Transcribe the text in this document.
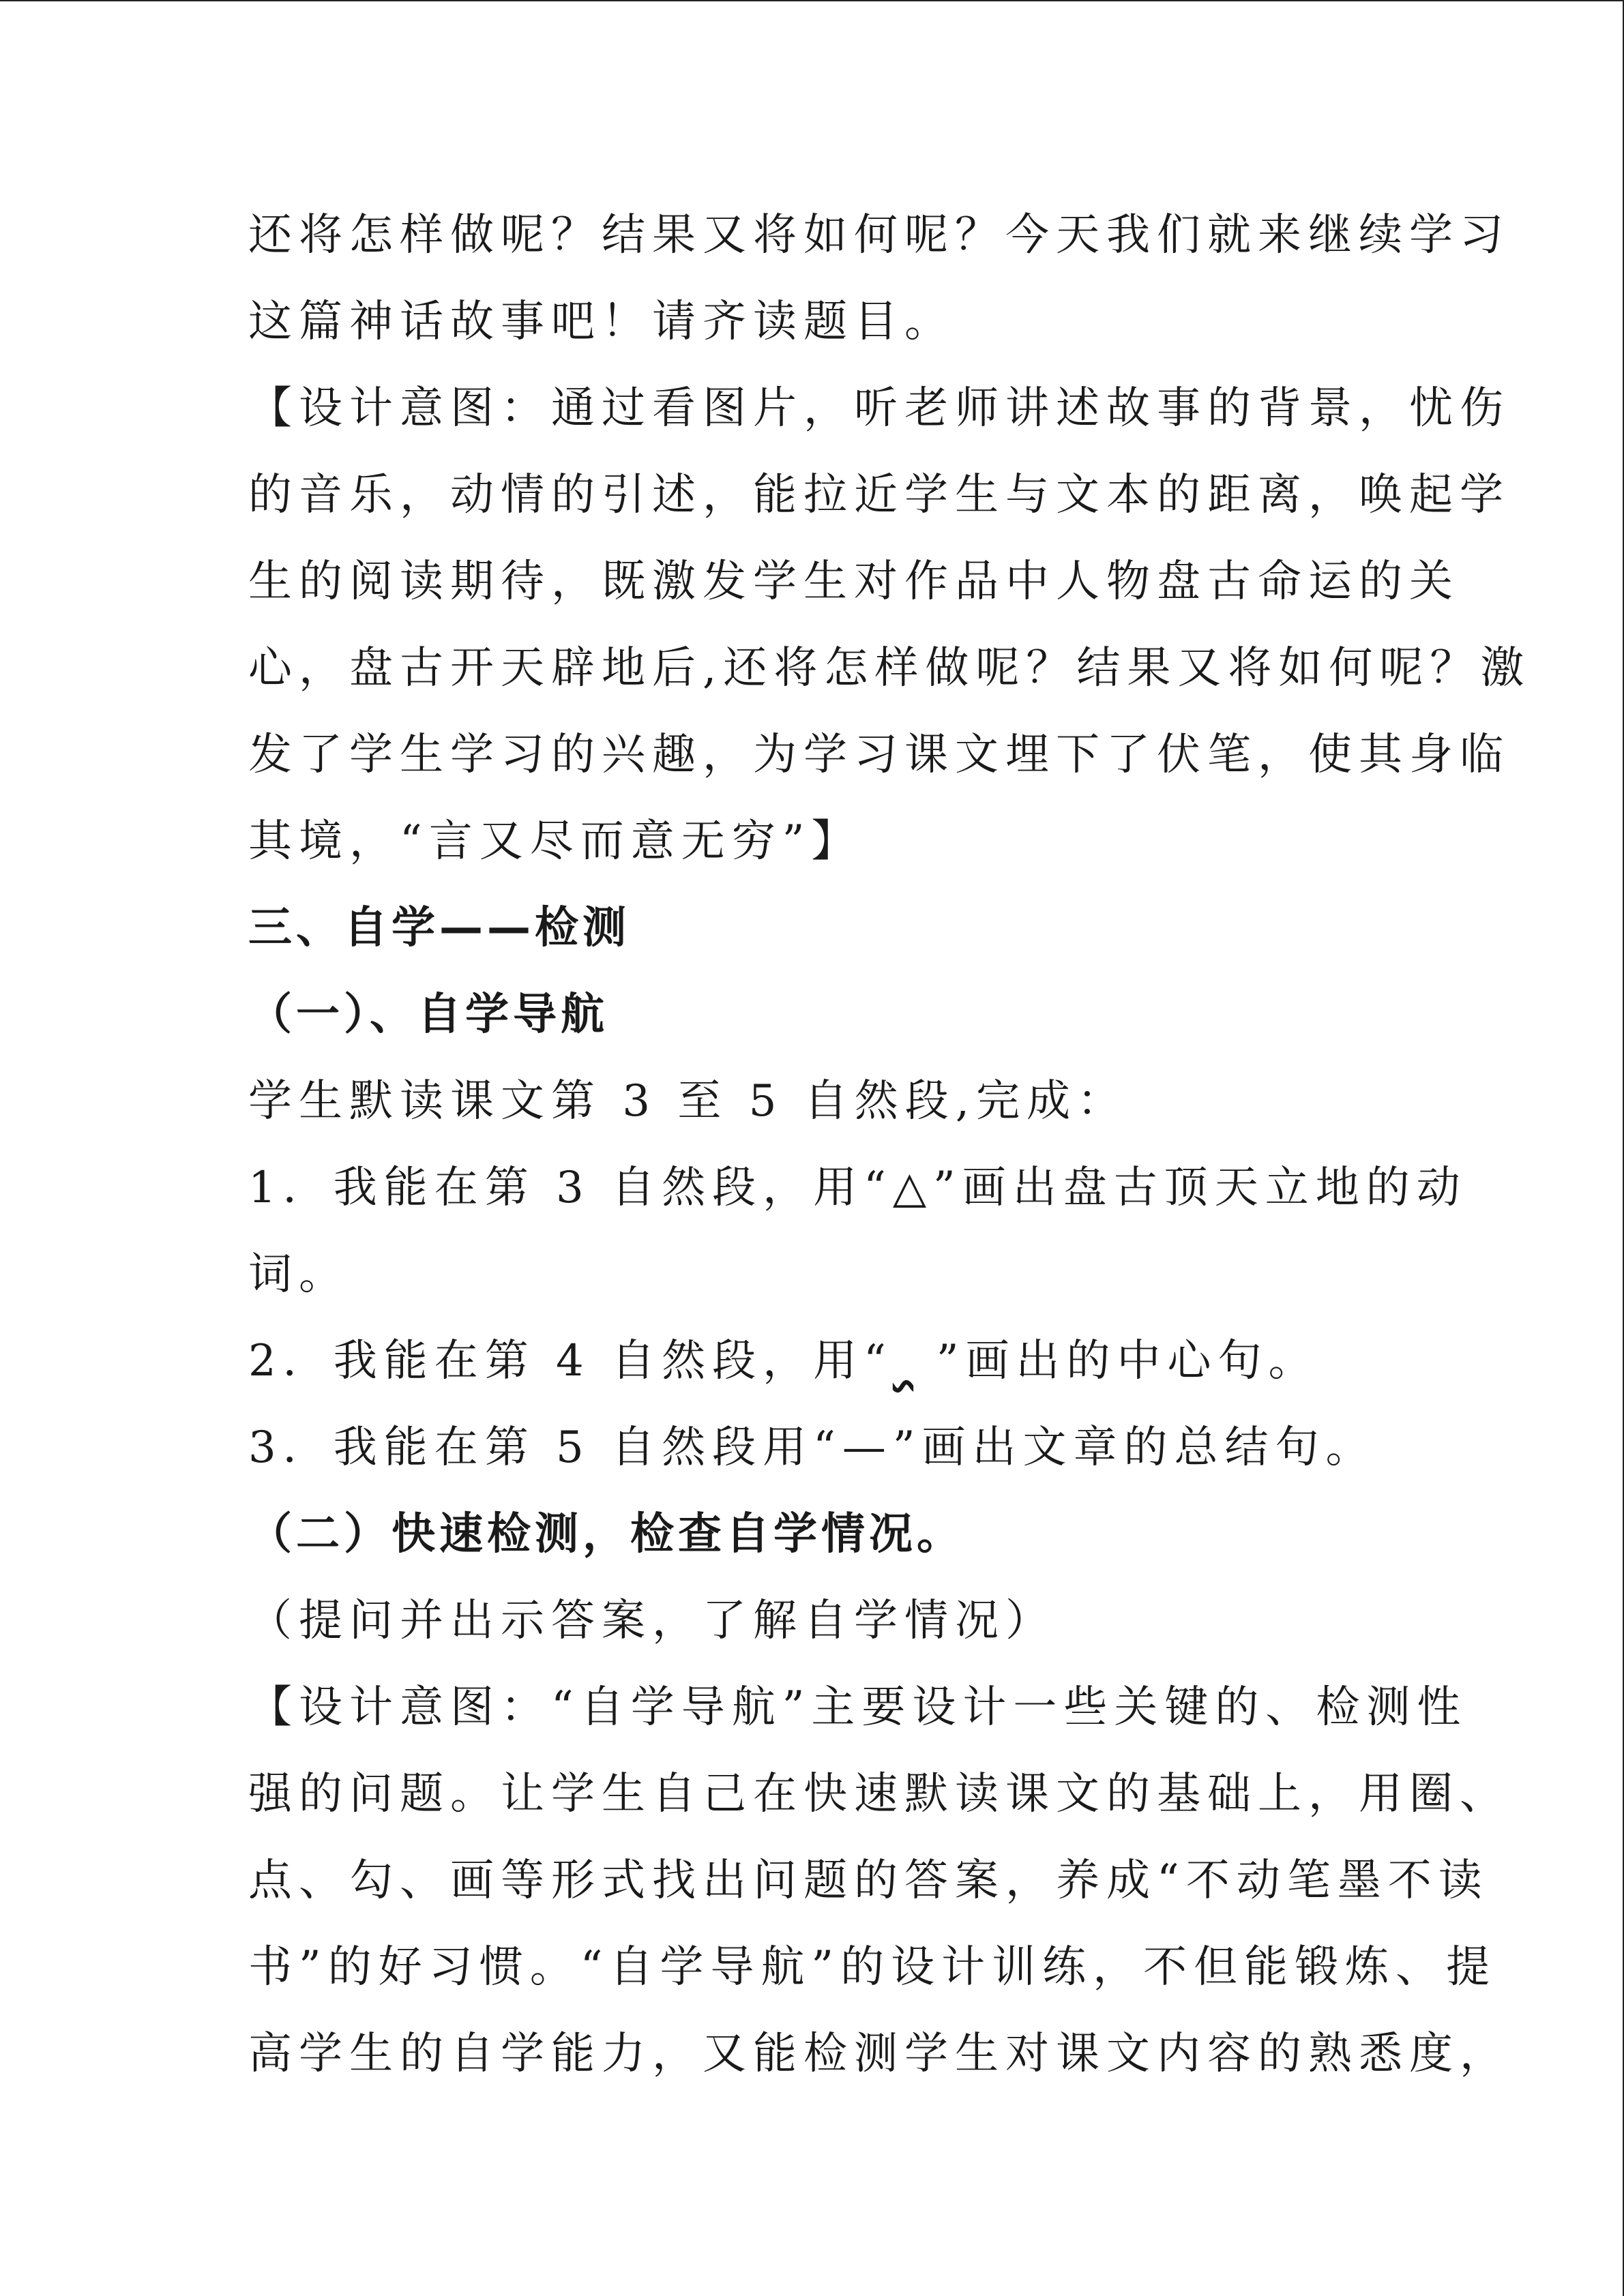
还将怎样做呢？结果又将如何呢？今天我们就来继续学习
这篇神话故事吧！请齐读题目。
【设计意图：通过看图片，听老师讲述故事的背景，忧伤
的音乐，动情的引述，能拉近学生与文本的距离，唤起学
生的阅读期待，既激发学生对作品中人物盘古命运的关
心，盘古开天辟地后,还将怎样做呢？结果又将如何呢？激
发了学生学习的兴趣，为学习课文埋下了伏笔，使其身临
其境，“言又尽而意无穷”】
三、自学——检测
（一）、自学导航
学生默读课文第 3 至 5 自然段,完成：
1．我能在第 3 自然段，用“△”画出盘古顶天立地的动
词。
2．我能在第 4 自然段，用“ ”画出的中心句。
3．我能在第 5 自然段用“—”画出文章的总结句。
（二）快速检测，检查自学情况。
（提问并出示答案，了解自学情况）
【设计意图：“自学导航”主要设计一些关键的、检测性
强的问题。让学生自己在快速默读课文的基础上，用圈、
点、勾、画等形式找出问题的答案，养成“不动笔墨不读
书”的好习惯。“自学导航”的设计训练，不但能锻炼、提
高学生的自学能力，又能检测学生对课文内容的熟悉度，
